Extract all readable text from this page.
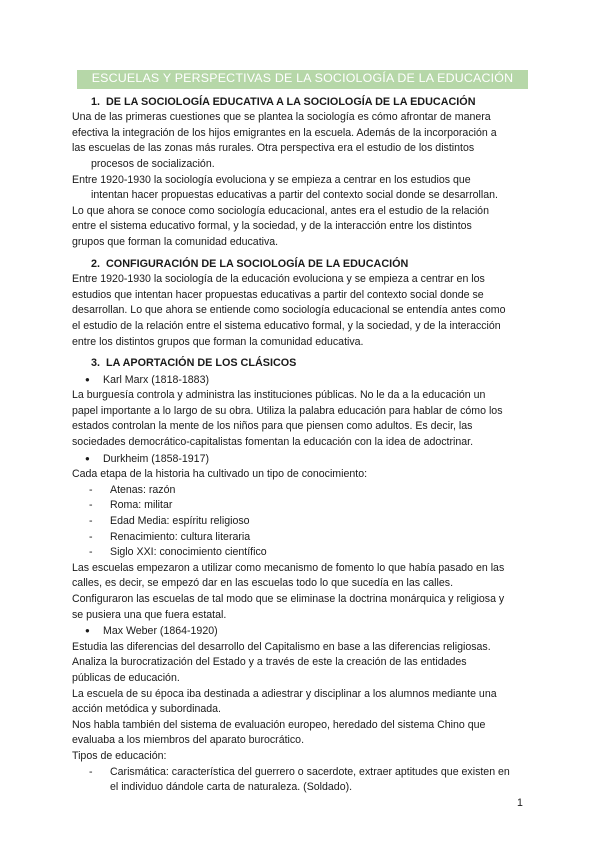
ESCUELAS Y PERSPECTIVAS DE LA SOCIOLOGÍA DE LA EDUCACIÓN
1. DE LA SOCIOLOGÍA EDUCATIVA A LA SOCIOLOGÍA DE LA EDUCACIÓN

Una de las primeras cuestiones que se plantea la sociología es cómo afrontar de manera

efectiva la integración de los hijos emigrantes en la escuela. Además de la incorporación a

las escuelas de las zonas más rurales. Otra perspectiva era el estudio de los distintos

procesos de socialización.

Entre 1920-1930 la sociología evoluciona y se empieza a centrar en los estudios que

intentan hacer propuestas educativas a partir del contexto social donde se desarrollan.

Lo que ahora se conoce como sociología educacional, antes era el estudio de la relación

entre el sistema educativo formal, y la sociedad, y de la interacción entre los distintos

grupos que forman la comunidad educativa.

2. CONFIGURACIÓN DE LA SOCIOLOGÍA DE LA EDUCACIÓN

Entre 1920-1930 la sociología de la educación evoluciona y se empieza a centrar en los

estudios que intentan hacer propuestas educativas a partir del contexto social donde se

desarrollan. Lo que ahora se entiende como sociología educacional se entendía antes como

el estudio de la relación entre el sistema educativo formal, y la sociedad, y de la interacción

entre los distintos grupos que forman la comunidad educativa.

3. LA APORTACIÓN DE LOS CLÁSICOS
● Karl Marx (1818-1883)

La burguesía controla y administra las instituciones públicas. No le da a la educación un

papel importante a lo largo de su obra. Utiliza la palabra educación para hablar de cómo los

estados controlan la mente de los niños para que piensen como adultos. Es decir, las

sociedades democrático-capitalistas fomentan la educación con la idea de adoctrinar.

● Durkheim (1858-1917)

Cada etapa de la historia ha cultivado un tipo de conocimiento:

- Atenas: razón
- Roma: militar
- Edad Media: espíritu religioso
- Renacimiento: cultura literaria
- Siglo XXI: conocimiento científico

Las escuelas empezaron a utilizar como mecanismo de fomento lo que había pasado en las

calles, es decir, se empezó dar en las escuelas todo lo que sucedía en las calles.

Configuraron las escuelas de tal modo que se eliminase la doctrina monárquica y religiosa y

se pusiera una que fuera estatal.

● Max Weber (1864-1920)

Estudia las diferencias del desarrollo del Capitalismo en base a las diferencias religiosas.

Analiza la burocratización del Estado y a través de este la creación de las entidades

públicas de educación.

La escuela de su época iba destinada a adiestrar y disciplinar a los alumnos mediante una

acción metódica y subordinada.

Nos habla también del sistema de evaluación europeo, heredado del sistema Chino que

evaluaba a los miembros del aparato burocrático.

Tipos de educación:

- Carismática: característica del guerrero o sacerdote, extraer aptitudes que existen en
el individuo dándole carta de naturaleza. (Soldado).
1
